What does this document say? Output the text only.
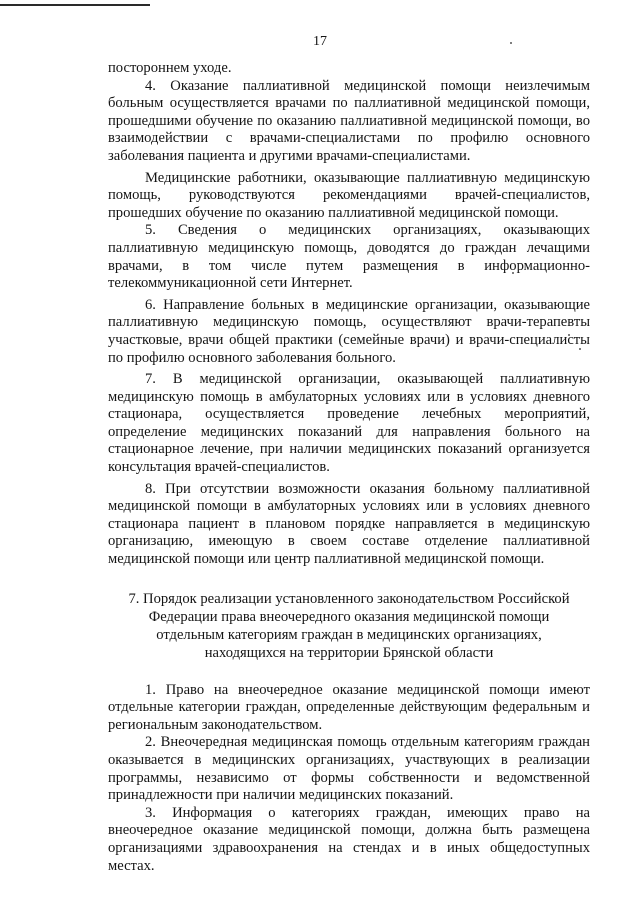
17

постороннем уходе.

4. Оказание паллиативной медицинской помощи неизлечимым больным осуществляется врачами по паллиативной медицинской помощи, прошедшими обучение по оказанию паллиативной медицинской помощи, во взаимодействии с врачами-специалистами по профилю основного заболевания пациента и другими врачами-специалистами.

Медицинские работники, оказывающие паллиативную медицинскую помощь, руководствуются рекомендациями врачей-специалистов, прошедших обучение по оказанию паллиативной медицинской помощи.

5. Сведения о медицинских организациях, оказывающих паллиативную медицинскую помощь, доводятся до граждан лечащими врачами, в том числе путем размещения в информационно-телекоммуникационной сети Интернет.

6. Направление больных в медицинские организации, оказывающие паллиативную медицинскую помощь, осуществляют врачи-терапевты участковые, врачи общей практики (семейные врачи) и врачи-специалисты по профилю основного заболевания больного.

7. В медицинской организации, оказывающей паллиативную медицинскую помощь в амбулаторных условиях или в условиях дневного стационара, осуществляется проведение лечебных мероприятий, определение медицинских показаний для направления больного на стационарное лечение, при наличии медицинских показаний организуется консультация врачей-специалистов.

8. При отсутствии возможности оказания больному паллиативной медицинской помощи в амбулаторных условиях или в условиях дневного стационара пациент в плановом порядке направляется в медицинскую организацию, имеющую в своем составе отделение паллиативной медицинской помощи или центр паллиативной медицинской помощи.

7. Порядок реализации установленного законодательством Российской
Федерации права внеочередного оказания медицинской помощи
отдельным категориям граждан в медицинских организациях,
находящихся на территории Брянской области

1. Право на внеочередное оказание медицинской помощи имеют отдельные категории граждан, определенные действующим федеральным и региональным законодательством.

2. Внеочередная медицинская помощь отдельным категориям граждан оказывается в медицинских организациях, участвующих в реализации программы, независимо от формы собственности и ведомственной принадлежности при наличии медицинских показаний.

3. Информация о категориях граждан, имеющих право на внеочередное оказание медицинской помощи, должна быть размещена организациями здравоохранения на стендах и в иных общедоступных местах.
